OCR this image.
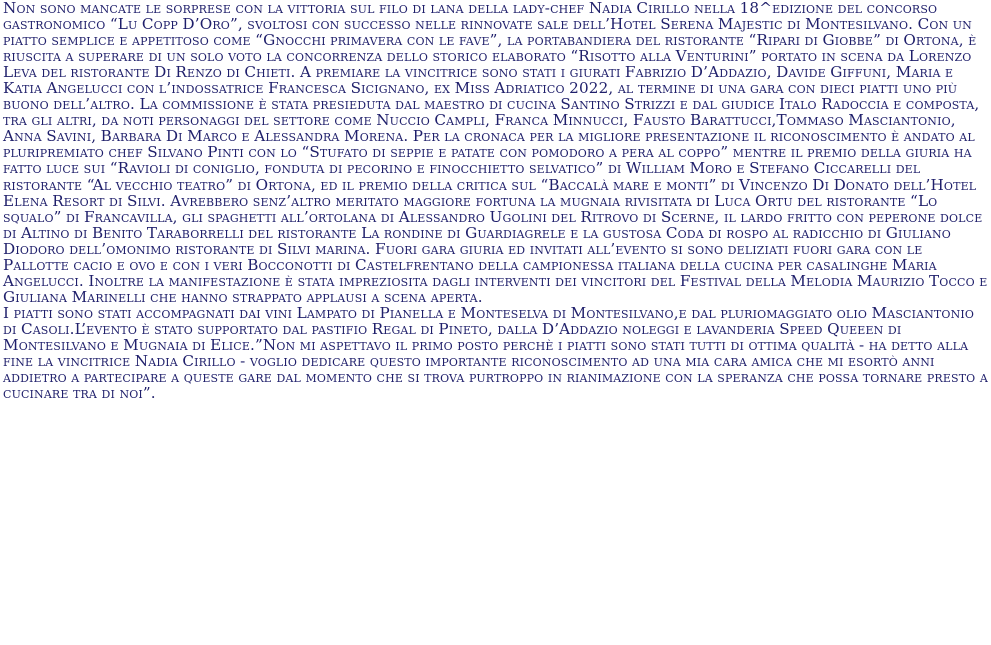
Non sono mancate le sorprese con la vittoria sul filo di lana della lady-chef Nadia Cirillo nella 18^edizione del concorso gastronomico “Lu Copp D’Oro”, svoltosi con successo nelle rinnovate sale dell’Hotel Serena Majestic di Montesilvano. Con un piatto semplice e appetitoso come “Gnocchi primavera con le fave”, la portabandiera del ristorante “Ripari di Giobbe” di Ortona, è riuscita a superare di un solo voto la concorrenza dello storico elaborato “Risotto alla Venturini” portato in scena da Lorenzo Leva del ristorante Di Renzo di Chieti. A premiare la vincitrice sono stati i giurati Fabrizio D’Addazio, Davide Giffuni, Maria e Katia Angelucci con l’indossatrice Francesca Sicignano, ex Miss Adriatico 2022, al termine di una gara con dieci piatti uno più buono dell’altro. La commissione è stata presieduta dal maestro di cucina Santino Strizzi e dal giudice Italo Radoccia e composta, tra gli altri, da noti personaggi del settore come Nuccio Campli, Franca Minnucci, Fausto Barattucci,Tommaso Masciantonio, Anna Savini, Barbara Di Marco e Alessandra Morena. Per la cronaca per la migliore presentazione il riconoscimento è andato al pluripremiato chef Silvano Pinti con lo “Stufato di seppie e patate con pomodoro a pera al coppo” mentre il premio della giuria ha fatto luce sui “Ravioli di coniglio, fonduta di pecorino e finocchietto selvatico” di William Moro e Stefano Ciccarelli del ristorante “Al vecchio teatro” di Ortona, ed il premio della critica sul “Baccalà mare e monti” di Vincenzo Di Donato dell’Hotel Elena Resort di Silvi. Avrebbero senz’altro meritato maggiore fortuna la mugnaia rivisitata di Luca Ortu del ristorante “Lo squalo” di Francavilla, gli spaghetti all’ortolana di Alessandro Ugolini del Ritrovo di Scerne, il lardo fritto con peperone dolce di Altino di Benito Taraborrelli del ristorante La rondine di Guardiagrele e la gustosa Coda di rospo al radicchio di Giuliano Diodoro dell’omonimo ristorante di Silvi marina. Fuori gara giuria ed invitati all’evento si sono deliziati fuori gara con le Pallotte cacio e ovo e con i veri Bocconotti di Castelfrentano della campionessa italiana della cucina per casalinghe Maria Angelucci. Inoltre la manifestazione è stata impreziosita dagli interventi dei vincitori del Festival della Melodia Maurizio Tocco e Giuliana Marinelli che hanno strappato applausi a scena aperta.

I piatti sono stati accompagnati dai vini Lampato di Pianella e Monteselva di Montesilvano,e dal pluriomaggiato olio Masciantonio di Casoli.L’evento è stato supportato dal pastifio Regal di Pineto, dalla D’Addazio noleggi e lavanderia Speed Queeen di Montesilvano e Mugnaia di Elice.”Non mi aspettavo il primo posto perchè i piatti sono stati tutti di ottima qualità - ha detto alla fine la vincitrice Nadia Cirillo - voglio dedicare questo importante riconoscimento ad una mia cara amica che mi esortò anni addietro a partecipare a queste gare dal momento che si trova purtroppo in rianimazione con la speranza che possa tornare presto a cucinare tra di noi”.
